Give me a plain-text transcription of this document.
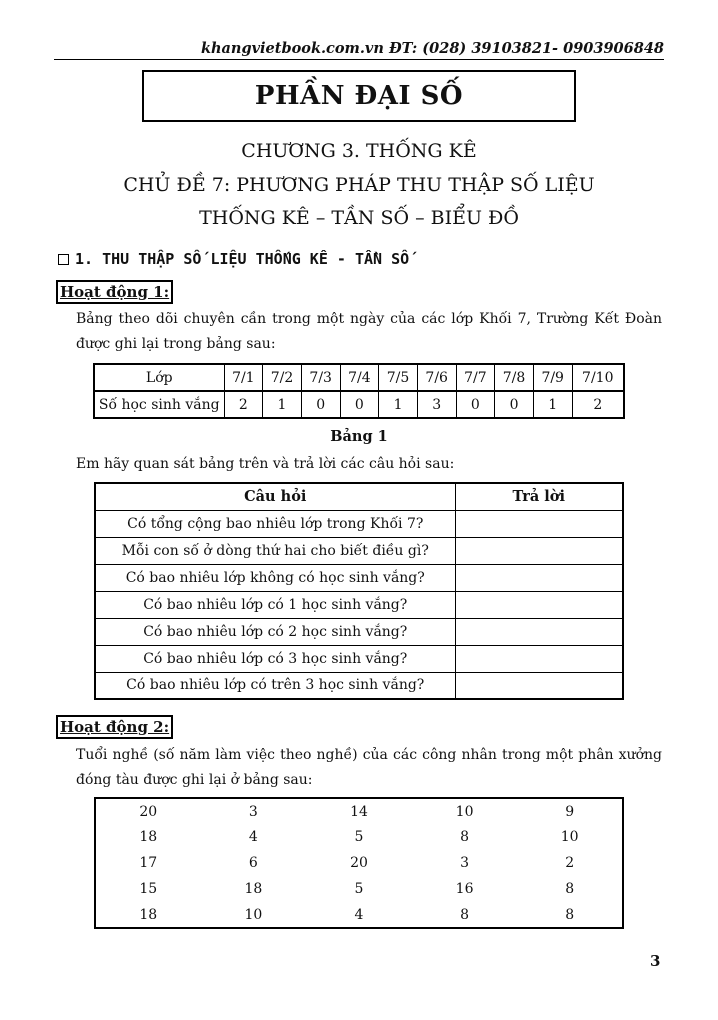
khangvietbook.com.vn ĐT: (028) 39103821- 0903906848
PHẦN ĐẠI SỐ
CHƯƠNG 3. THỐNG KÊ
CHỦ ĐỀ 7: PHƯƠNG PHÁP THU THẬP SỐ LIỆU
THỐNG KÊ – TẦN SỐ – BIỂU ĐỒ
1. THU THẬP SỐ LIỆU THỐNG KÊ - TẦN SỐ
Hoạt động 1:
Bảng theo dõi chuyên cần trong một ngày của các lớp Khối 7, Trường Kết Đoàn được ghi lại trong bảng sau:
Lớp	7/1	7/2	7/3	7/4	7/5	7/6	7/7	7/8	7/9	7/10
Số học sinh vắng	2	1	0	0	1	3	0	0	1	2
Bảng 1
Em hãy quan sát bảng trên và trả lời các câu hỏi sau:
Câu hỏi	Trả lời
Có tổng cộng bao nhiêu lớp trong Khối 7?	
Mỗi con số ở dòng thứ hai cho biết điều gì?	
Có bao nhiêu lớp không có học sinh vắng?	
Có bao nhiêu lớp có 1 học sinh vắng?	
Có bao nhiêu lớp có 2 học sinh vắng?	
Có bao nhiêu lớp có 3 học sinh vắng?	
Có bao nhiêu lớp có trên 3 học sinh vắng?	
Hoạt động 2:
Tuổi nghề (số năm làm việc theo nghề) của các công nhân trong một phân xưởng đóng tàu được ghi lại ở bảng sau:
20	3	14	10	9
18	4	5	8	10
17	6	20	3	2
15	18	5	16	8
18	10	4	8	8
3
